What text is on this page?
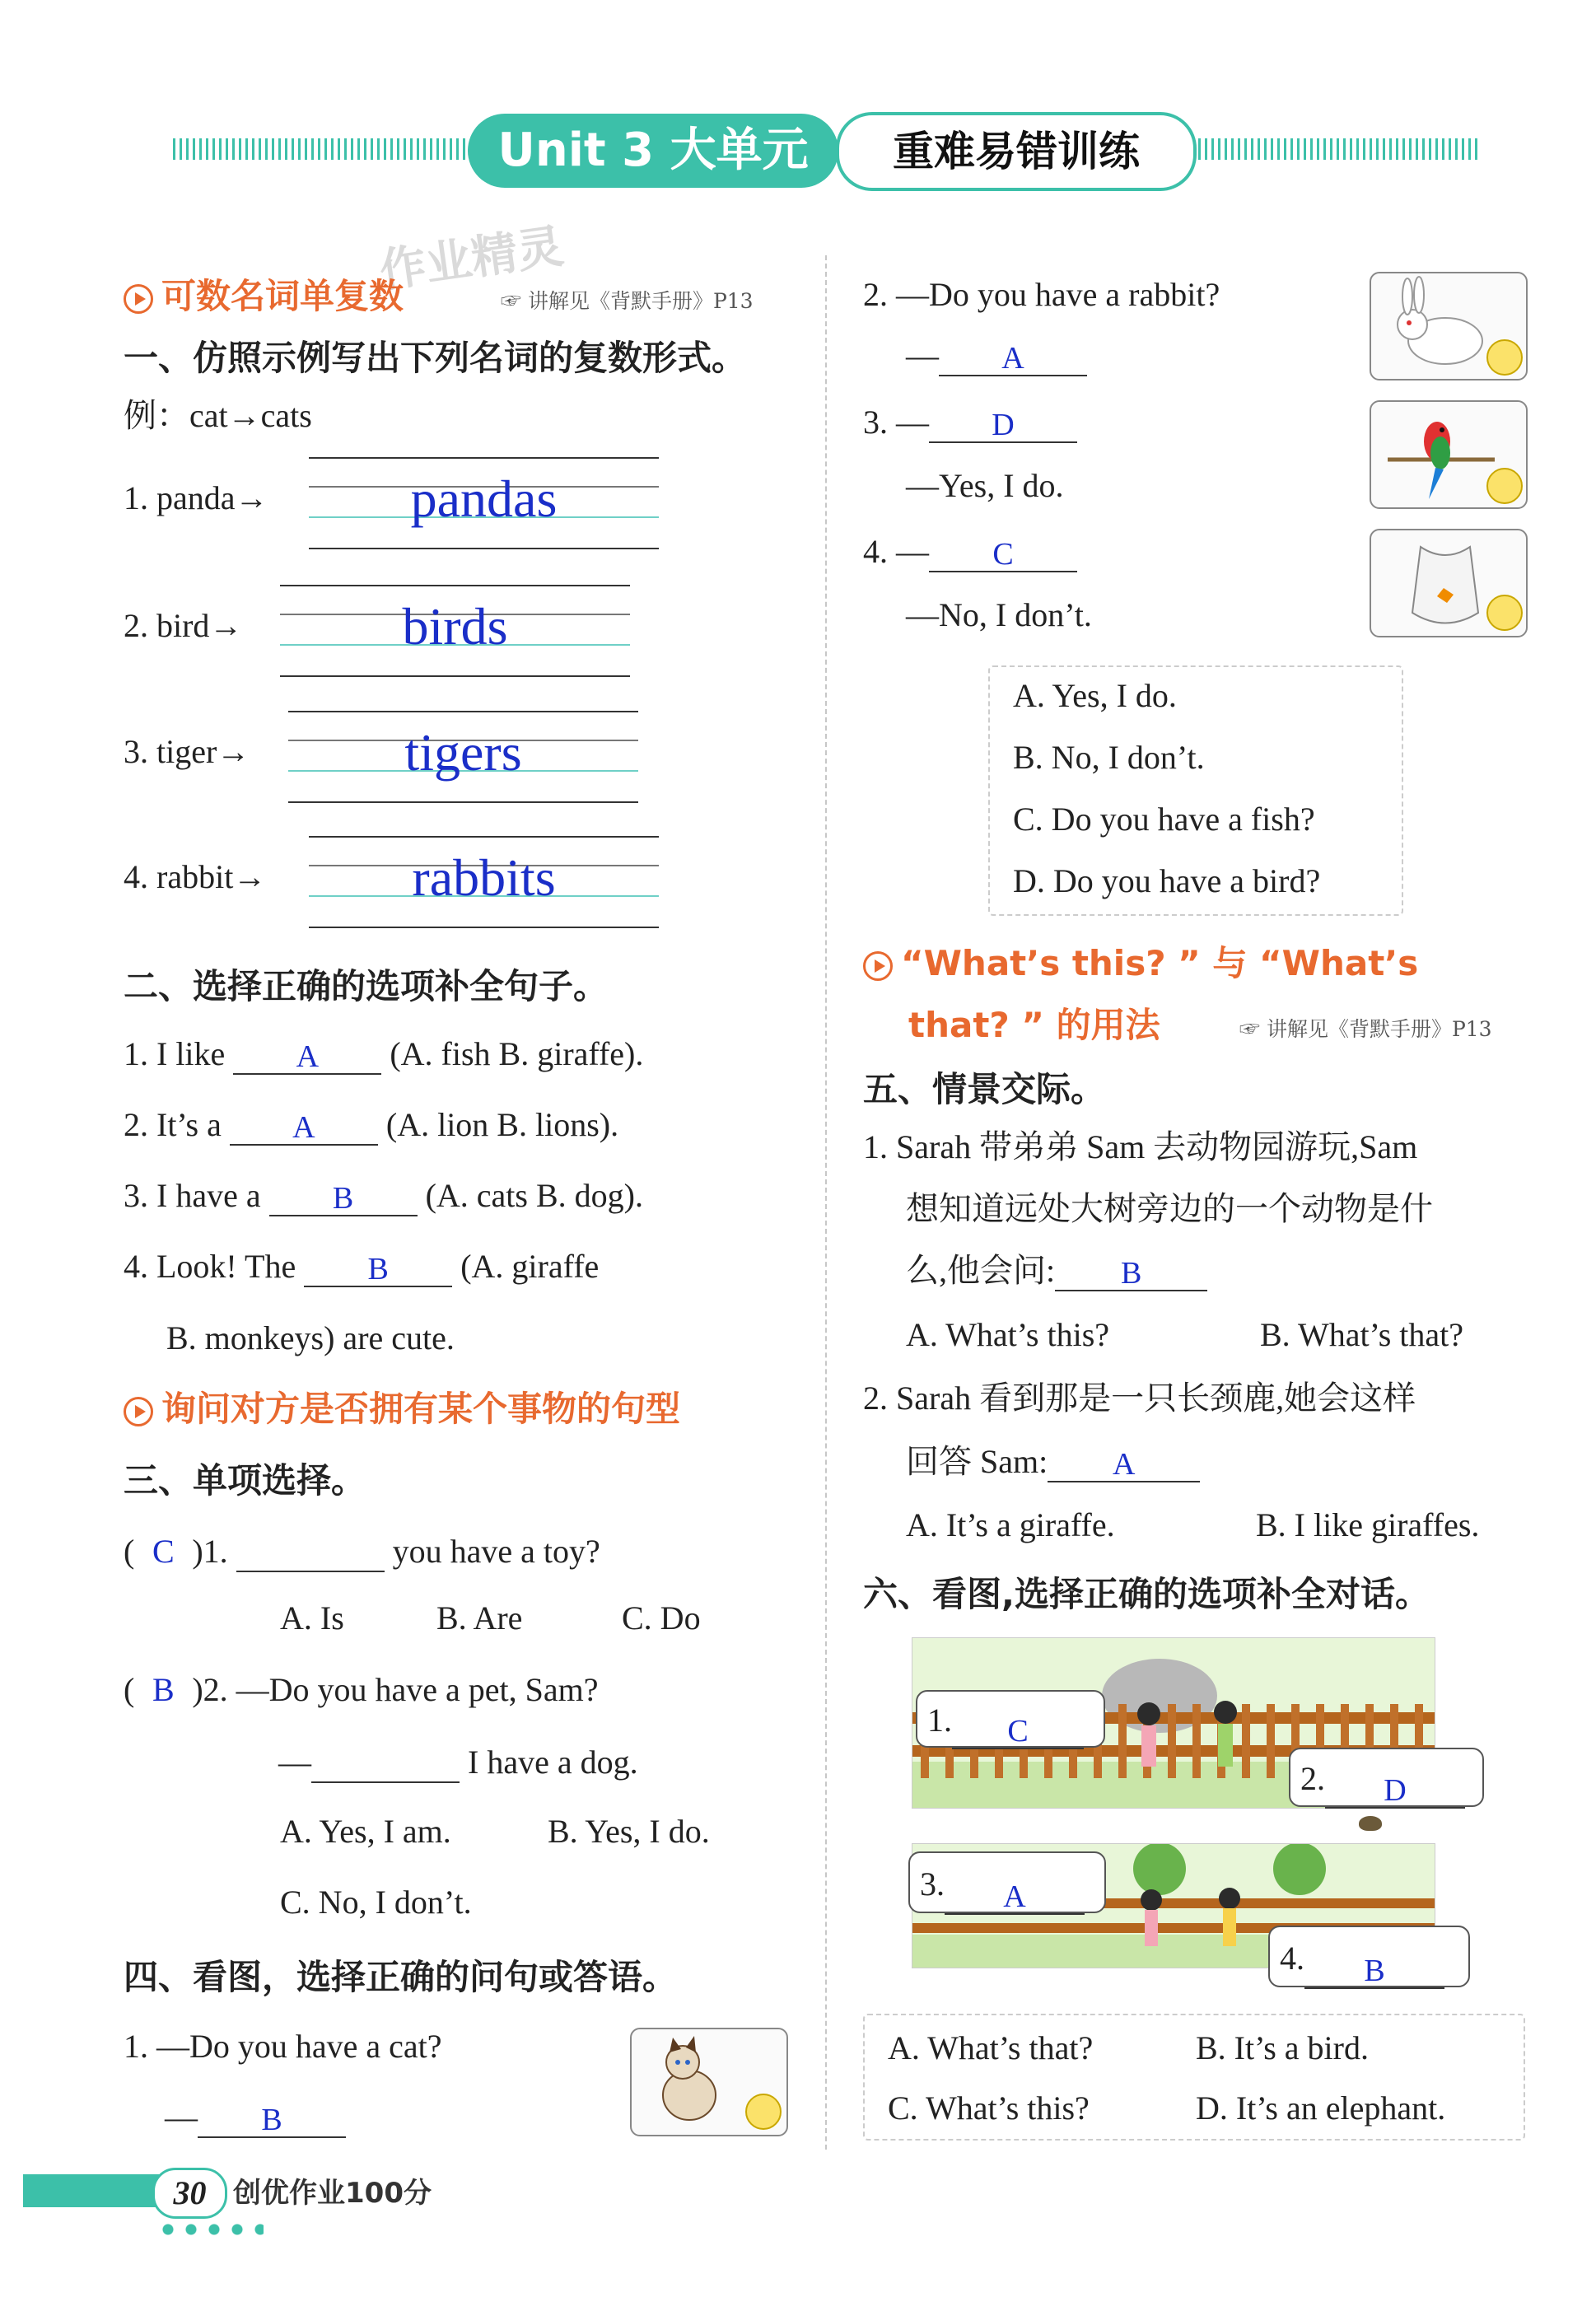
Unit 3 大单元	重难易错训练
作业精灵
可数名词单复数	☞ 讲解见《背默手册》P13
一、仿照示例写出下列名词的复数形式。
例：cat→cats
1. panda→	pandas
2. bird→	birds
3. tiger→	tigers
4. rabbit→	rabbits
二、选择正确的选项补全句子。
1. I like A (A. fish B. giraffe).
2. It’s a A (A. lion B. lions).
3. I have a B (A. cats B. dog).
4. Look! The B (A. giraffe
B. monkeys) are cute.
询问对方是否拥有某个事物的句型
三、单项选择。
( C )1.	you have a toy?
A. Is	B. Are	C. Do
( B )2. —Do you have a pet, Sam?
—	I have a dog.
A. Yes, I am.	B. Yes, I do.
C. No, I don’t.
四、看图，选择正确的问句或答语。
1. —Do you have a cat?
— B
2. —Do you have a rabbit?
— A
3. — D
—Yes, I do.
4. — C
—No, I don’t.
A. Yes, I do.
B. No, I don’t.
C. Do you have a fish?
D. Do you have a bird?
“What’s this? ” 与 “What’s
that? ” 的用法	☞ 讲解见《背默手册》P13
五、情景交际。
1. Sarah 带弟弟 Sam 去动物园游玩,Sam
想知道远处大树旁边的一个动物是什
么,他会问: B
A. What’s this?	B. What’s that?
2. Sarah 看到那是一只长颈鹿,她会这样
回答 Sam: A
A. It’s a giraffe.	B. I like giraffes.
六、看图,选择正确的选项补全对话。
1. C
2. D
3. A
4. B
A. What’s that?	B. It’s a bird.
C. What’s this?	D. It’s an elephant.
30 创优作业100分
